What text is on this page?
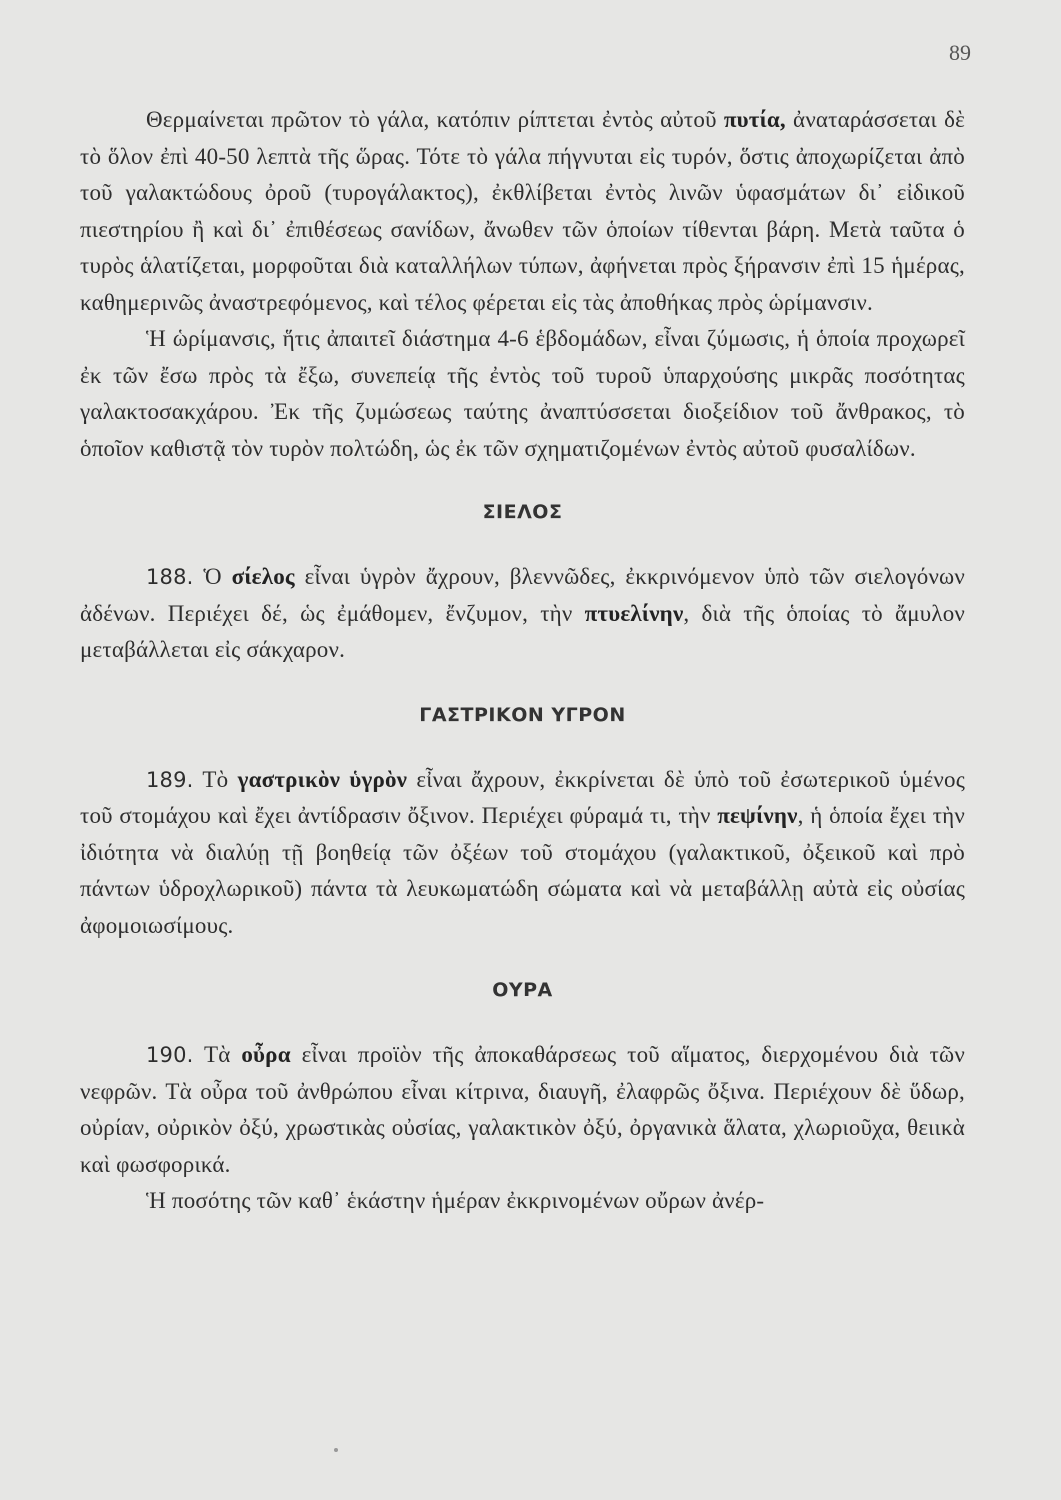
89

Θερμαίνεται πρῶτον τὸ γάλα, κατόπιν ρίπτεται ἐντὸς αὐτοῦ πυτία, ἀναταράσσεται δὲ τὸ ὅλον ἐπὶ 40-50 λεπτὰ τῆς ὥρας. Τότε τὸ γάλα πήγνυται εἰς τυρόν, ὅστις ἀποχωρίζεται ἀπὸ τοῦ γαλακτώδους ὀροῦ (τυρογάλακτος), ἐκθλίβεται ἐντὸς λινῶν ὑφασμάτων δι᾿ εἰδικοῦ πιεστηρίου ἢ καὶ δι᾿ ἐπιθέσεως σανίδων, ἄνωθεν τῶν ὁποίων τίθενται βάρη. Μετὰ ταῦτα ὁ τυρὸς ἁλατίζεται, μορφοῦται διὰ καταλλήλων τύπων, ἀφήνεται πρὸς ξήρανσιν ἐπὶ 15 ἡμέρας, καθημερινῶς ἀναστρεφόμενος, καὶ τέλος φέρεται εἰς τὰς ἀποθήκας πρὸς ὡρίμανσιν.

Ἡ ὡρίμανσις, ἥτις ἀπαιτεῖ διάστημα 4-6 ἑβδομάδων, εἶναι ζύμωσις, ἡ ὁποία προχωρεῖ ἐκ τῶν ἔσω πρὸς τὰ ἔξω, συνεπείᾳ τῆς ἐντὸς τοῦ τυροῦ ὑπαρχούσης μικρᾶς ποσότητας γαλακτοσακχάρου. Ἐκ τῆς ζυμώσεως ταύτης ἀναπτύσσεται διοξείδιον τοῦ ἄνθρακος, τὸ ὁποῖον καθιστᾷ τὸν τυρὸν πολτώδη, ὡς ἐκ τῶν σχηματιζομένων ἐντὸς αὐτοῦ φυσαλίδων.

ΣΙΕΛΟΣ

188. Ὁ σίελος εἶναι ὑγρὸν ἄχρουν, βλεννῶδες, ἐκκρινόμενον ὑπὸ τῶν σιελογόνων ἀδένων. Περιέχει δέ, ὡς ἐμάθομεν, ἔνζυμον, τὴν πτυελίνην, διὰ τῆς ὁποίας τὸ ἄμυλον μεταβάλλεται εἰς σάκχαρον.

ΓΑΣΤΡΙΚΟΝ ΥΓΡΟΝ

189. Τὸ γαστρικὸν ὑγρὸν εἶναι ἄχρουν, ἐκκρίνεται δὲ ὑπὸ τοῦ ἐσωτερικοῦ ὑμένος τοῦ στομάχου καὶ ἔχει ἀντίδρασιν ὄξινον. Περιέχει φύραμά τι, τὴν πεψίνην, ἡ ὁποία ἔχει τὴν ἰδιότητα νὰ διαλύῃ τῇ βοηθείᾳ τῶν ὀξέων τοῦ στομάχου (γαλακτικοῦ, ὀξεικοῦ καὶ πρὸ πάντων ὑδροχλωρικοῦ) πάντα τὰ λευκωματώδη σώματα καὶ νὰ μεταβάλλῃ αὐτὰ εἰς οὐσίας ἀφομοιωσίμους.

ΟΥΡΑ

190. Τὰ οὖρα εἶναι προϊὸν τῆς ἀποκαθάρσεως τοῦ αἵματος, διερχομένου διὰ τῶν νεφρῶν. Τὰ οὖρα τοῦ ἀνθρώπου εἶναι κίτρινα, διαυγῆ, ἐλαφρῶς ὄξινα. Περιέχουν δὲ ὕδωρ, οὐρίαν, οὐρικὸν ὀξύ, χρωστικὰς οὐσίας, γαλακτικὸν ὀξύ, ὀργανικὰ ἅλατα, χλωριοῦχα, θειικὰ καὶ φωσφορικά.

Ἡ ποσότης τῶν καθ᾿ ἑκάστην ἡμέραν ἐκκρινομένων οὔρων ἀνέρ-
